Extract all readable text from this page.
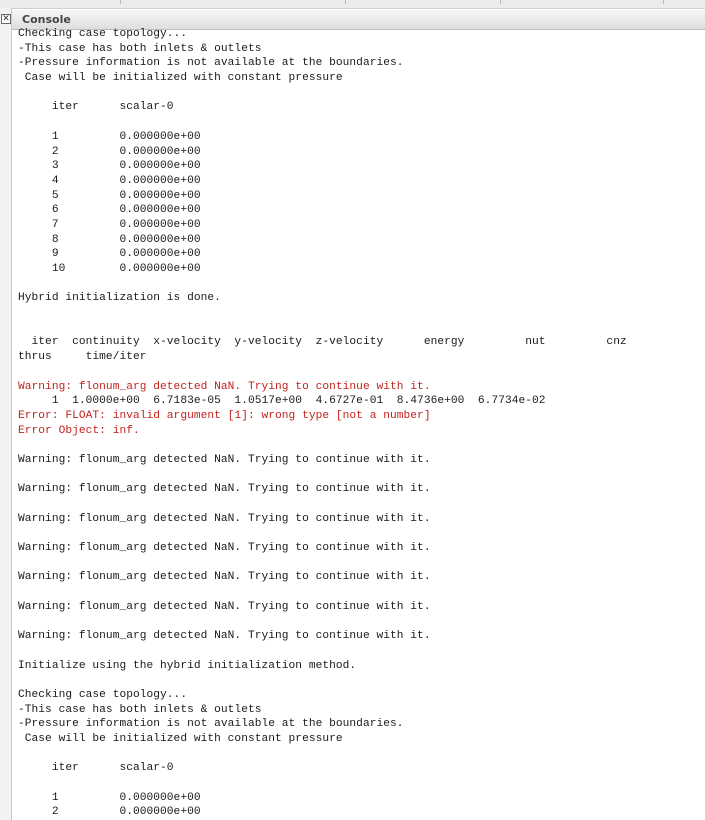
✕ Console
Checking case topology...
-This case has both inlets & outlets
-Pressure information is not available at the boundaries.
Case will be initialized with constant pressure
iter      scalar-0
1         0.000000e+00
2         0.000000e+00
3         0.000000e+00
4         0.000000e+00
5         0.000000e+00
6         0.000000e+00
7         0.000000e+00
8         0.000000e+00
9         0.000000e+00
10        0.000000e+00
Hybrid initialization is done.
iter  continuity  x-velocity  y-velocity  z-velocity      energy         nut         cnz
thrus     time/iter
Warning: flonum_arg detected NaN. Trying to continue with it.
1  1.0000e+00  6.7183e-05  1.0517e+00  4.6727e-01  8.4736e+00  6.7734e-02
Error: FLOAT: invalid argument [1]: wrong type [not a number]
Error Object: inf.
Warning: flonum_arg detected NaN. Trying to continue with it.
Warning: flonum_arg detected NaN. Trying to continue with it.
Warning: flonum_arg detected NaN. Trying to continue with it.
Warning: flonum_arg detected NaN. Trying to continue with it.
Warning: flonum_arg detected NaN. Trying to continue with it.
Warning: flonum_arg detected NaN. Trying to continue with it.
Warning: flonum_arg detected NaN. Trying to continue with it.
Initialize using the hybrid initialization method.
Checking case topology...
-This case has both inlets & outlets
-Pressure information is not available at the boundaries.
Case will be initialized with constant pressure
iter      scalar-0
1         0.000000e+00
2         0.000000e+00
